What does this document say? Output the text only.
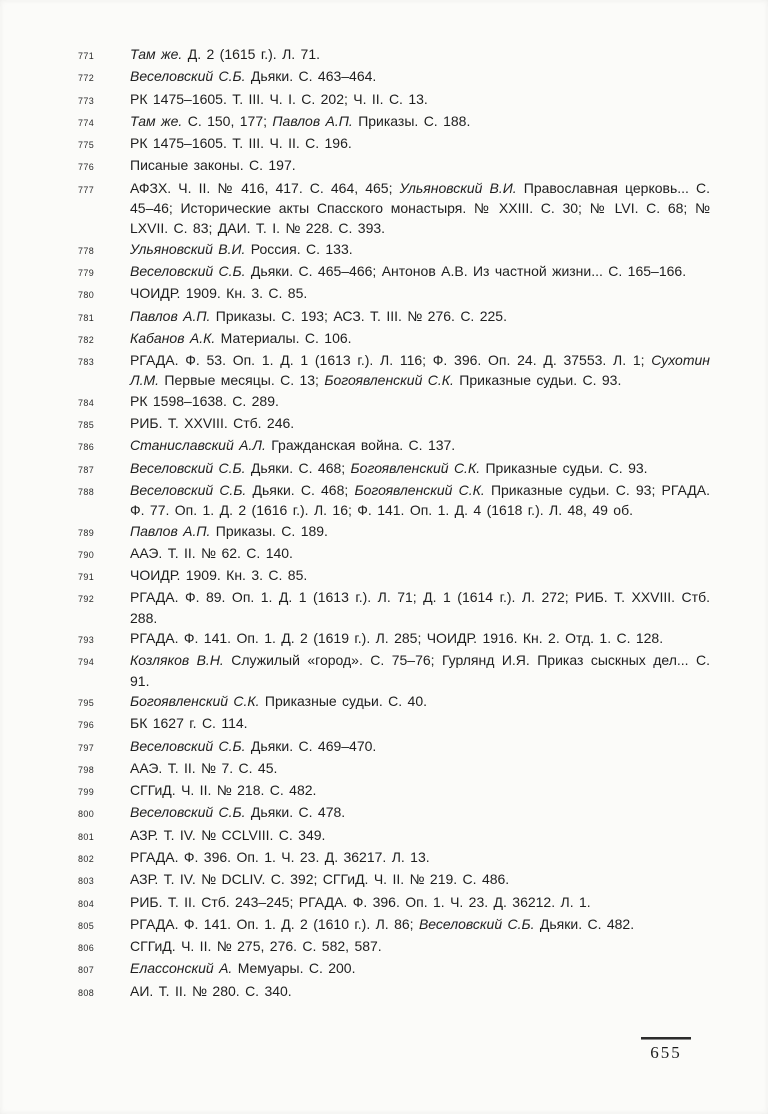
771	Там же. Д. 2 (1615 г.). Л. 71.
772	Веселовский С.Б. Дьяки. С. 463–464.
773	РК 1475–1605. Т. III. Ч. I. С. 202; Ч. II. С. 13.
774	Там же. С. 150, 177; Павлов А.П. Приказы. С. 188.
775	РК 1475–1605. Т. III. Ч. II. С. 196.
776	Писаные законы. С. 197.
777	АФЗХ. Ч. II. № 416, 417. С. 464, 465; Ульяновский В.И. Православная церковь... С. 45–46; Исторические акты Спасского монастыря. № XXIII. С. 30; № LVI. С. 68; № LXVII. С. 83; ДАИ. Т. I. № 228. С. 393.
778	Ульяновский В.И. Россия. С. 133.
779	Веселовский С.Б. Дьяки. С. 465–466; Антонов А.В. Из частной жизни... С. 165–166.
780	ЧОИДР. 1909. Кн. 3. С. 85.
781	Павлов А.П. Приказы. С. 193; АСЗ. Т. III. № 276. С. 225.
782	Кабанов А.К. Материалы. С. 106.
783	РГАДА. Ф. 53. Оп. 1. Д. 1 (1613 г.). Л. 116; Ф. 396. Оп. 24. Д. 37553. Л. 1; Сухотин Л.М. Первые месяцы. С. 13; Богоявленский С.К. Приказные судьи. С. 93.
784	РК 1598–1638. С. 289.
785	РИБ. Т. XXVIII. Стб. 246.
786	Станиславский А.Л. Гражданская война. С. 137.
787	Веселовский С.Б. Дьяки. С. 468; Богоявленский С.К. Приказные судьи. С. 93.
788	Веселовский С.Б. Дьяки. С. 468; Богоявленский С.К. Приказные судьи. С. 93; РГАДА. Ф. 77. Оп. 1. Д. 2 (1616 г.). Л. 16; Ф. 141. Оп. 1. Д. 4 (1618 г.). Л. 48, 49 об.
789	Павлов А.П. Приказы. С. 189.
790	ААЭ. Т. II. № 62. С. 140.
791	ЧОИДР. 1909. Кн. 3. С. 85.
792	РГАДА. Ф. 89. Оп. 1. Д. 1 (1613 г.). Л. 71; Д. 1 (1614 г.). Л. 272; РИБ. Т. XXVIII. Стб. 288.
793	РГАДА. Ф. 141. Оп. 1. Д. 2 (1619 г.). Л. 285; ЧОИДР. 1916. Кн. 2. Отд. 1. С. 128.
794	Козляков В.Н. Служилый «город». С. 75–76; Гурлянд И.Я. Приказ сыскных дел... С. 91.
795	Богоявленский С.К. Приказные судьи. С. 40.
796	БК 1627 г. С. 114.
797	Веселовский С.Б. Дьяки. С. 469–470.
798	ААЭ. Т. II. № 7. С. 45.
799	СГГиД. Ч. II. № 218. С. 482.
800	Веселовский С.Б. Дьяки. С. 478.
801	АЗР. Т. IV. № CCLVIII. С. 349.
802	РГАДА. Ф. 396. Оп. 1. Ч. 23. Д. 36217. Л. 13.
803	АЗР. Т. IV. № DCLIV. С. 392; СГГиД. Ч. II. № 219. С. 486.
804	РИБ. Т. II. Стб. 243–245; РГАДА. Ф. 396. Оп. 1. Ч. 23. Д. 36212. Л. 1.
805	РГАДА. Ф. 141. Оп. 1. Д. 2 (1610 г.). Л. 86; Веселовский С.Б. Дьяки. С. 482.
806	СГГиД. Ч. II. № 275, 276. С. 582, 587.
807	Елассонский А. Мемуары. С. 200.
808	АИ. Т. II. № 280. С. 340.
655
